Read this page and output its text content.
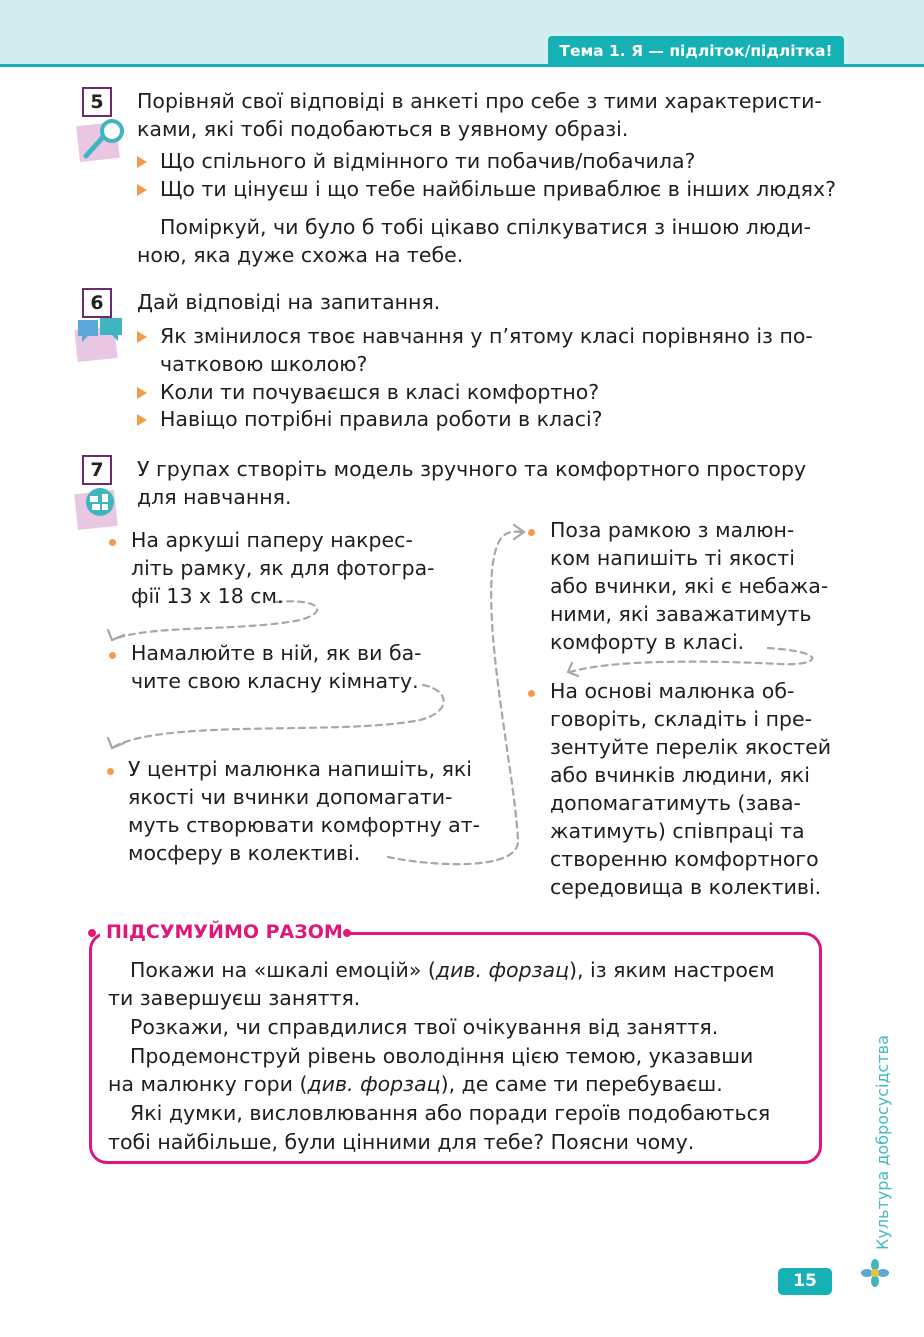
Тема 1. Я — підліток/підлітка!
5	Порівняй свої відповіді в анкеті про себе з тими характеристи-

ками, які тобі подобаються в уявному образі.

Що спільного й відмінного ти побачив/побачила?

Що ти цінуєш і що тебе найбільше приваблює в інших людях?

Поміркуй, чи було б тобі цікаво спілкуватися з іншою люди-

ною, яка дуже схожа на тебе.

6	Дай відповіді на запитання.

Як змінилося твоє навчання у п’ятому класі порівняно із по-

чатковою школою?

Коли ти почуваєшся в класі комфортно?

Навіщо потрібні правила роботи в класі?

7	У групах створіть модель зручного та комфортного простору

для навчання.

На аркуші паперу накрес-

літь рамку, як для фотогра-

фії 13 х 18 см.

Намалюйте в ній, як ви ба-

чите свою класну кімнату.

У центрі малюнка напишіть, які

якості чи вчинки допомагати-

муть створювати комфортну ат-

мосферу в колективі.

Поза рамкою з малюн-

ком напишіть ті якості

або вчинки, які є небажа-

ними, які заважатимуть

комфорту в класі.

На основі малюнка об-

говоріть, складіть і пре-

зентуйте перелік якостей

або вчинків людини, які

допомагатимуть (зава-

жатимуть) співпраці та

створенню комфортного

середовища в колективі.

ПІДСУМУЙМО РАЗОМ

Покажи на «шкалі емоцій» (див. форзац), із яким настроєм

ти завершуєш заняття.

Розкажи, чи справдилися твої очікування від заняття.

Продемонструй рівень оволодіння цією темою, указавши

на малюнку гори (див. форзац), де саме ти перебуваєш.

Які думки, висловлювання або поради героїв подобаються

тобі найбільше, були цінними для тебе? Поясни чому.	Культура добросусідства
15
